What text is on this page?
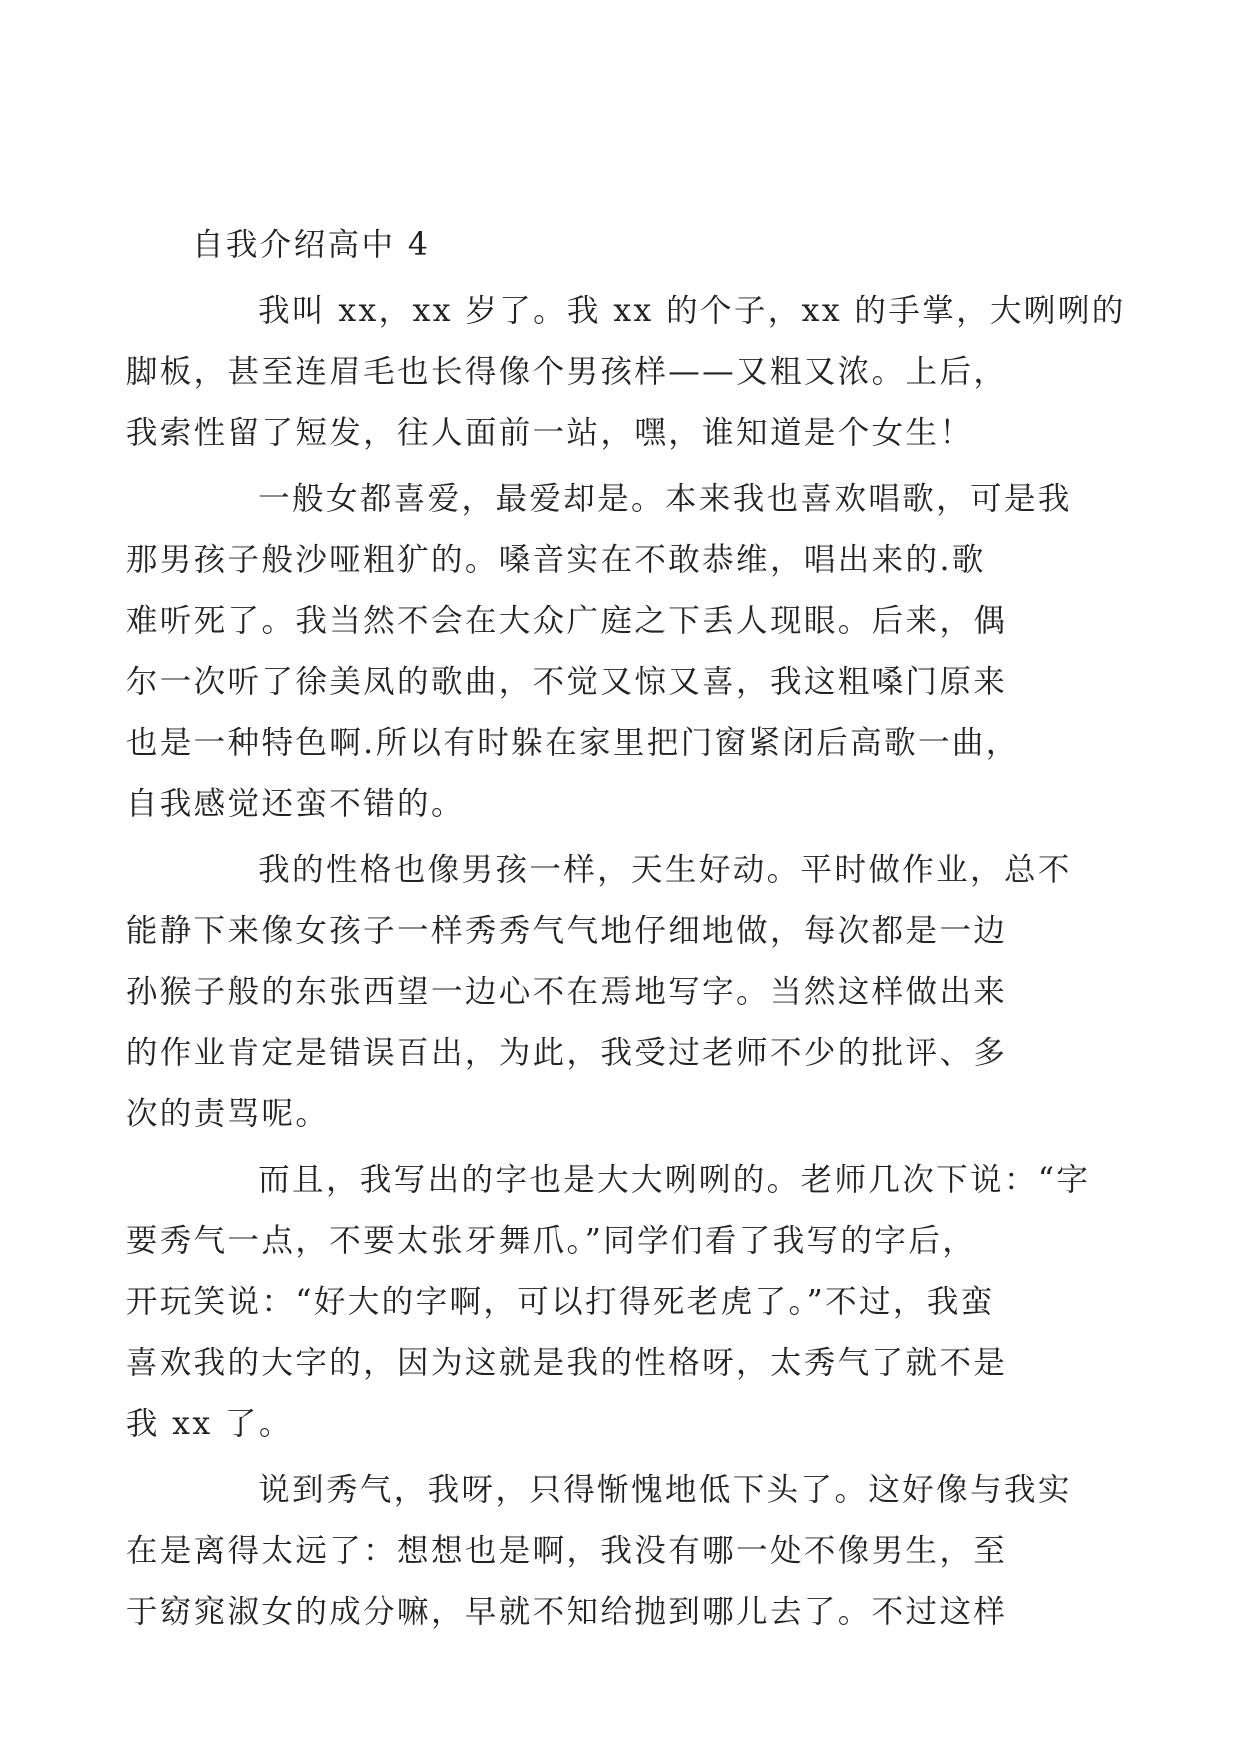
自我介绍高中 4
我叫 xx，xx 岁了。我 xx 的个子，xx 的手掌，大咧咧的
脚板，甚至连眉毛也长得像个男孩样——又粗又浓。上后，
我索性留了短发，往人面前一站，嘿，谁知道是个女生！
一般女都喜爱，最爱却是。本来我也喜欢唱歌，可是我
那男孩子般沙哑粗犷的。嗓音实在不敢恭维，唱出来的.歌
难听死了。我当然不会在大众广庭之下丢人现眼。后来，偶
尔一次听了徐美凤的歌曲，不觉又惊又喜，我这粗嗓门原来
也是一种特色啊.所以有时躲在家里把门窗紧闭后高歌一曲，
自我感觉还蛮不错的。
我的性格也像男孩一样，天生好动。平时做作业，总不
能静下来像女孩子一样秀秀气气地仔细地做，每次都是一边
孙猴子般的东张西望一边心不在焉地写字。当然这样做出来
的作业肯定是错误百出，为此，我受过老师不少的批评、多
次的责骂呢。
而且，我写出的字也是大大咧咧的。老师几次下说：“字
要秀气一点，不要太张牙舞爪。”同学们看了我写的字后，
开玩笑说：“好大的字啊，可以打得死老虎了。”不过，我蛮
喜欢我的大字的，因为这就是我的性格呀，太秀气了就不是
我 xx 了。
说到秀气，我呀，只得惭愧地低下头了。这好像与我实
在是离得太远了：想想也是啊，我没有哪一处不像男生，至
于窈窕淑女的成分嘛，早就不知给抛到哪儿去了。不过这样
